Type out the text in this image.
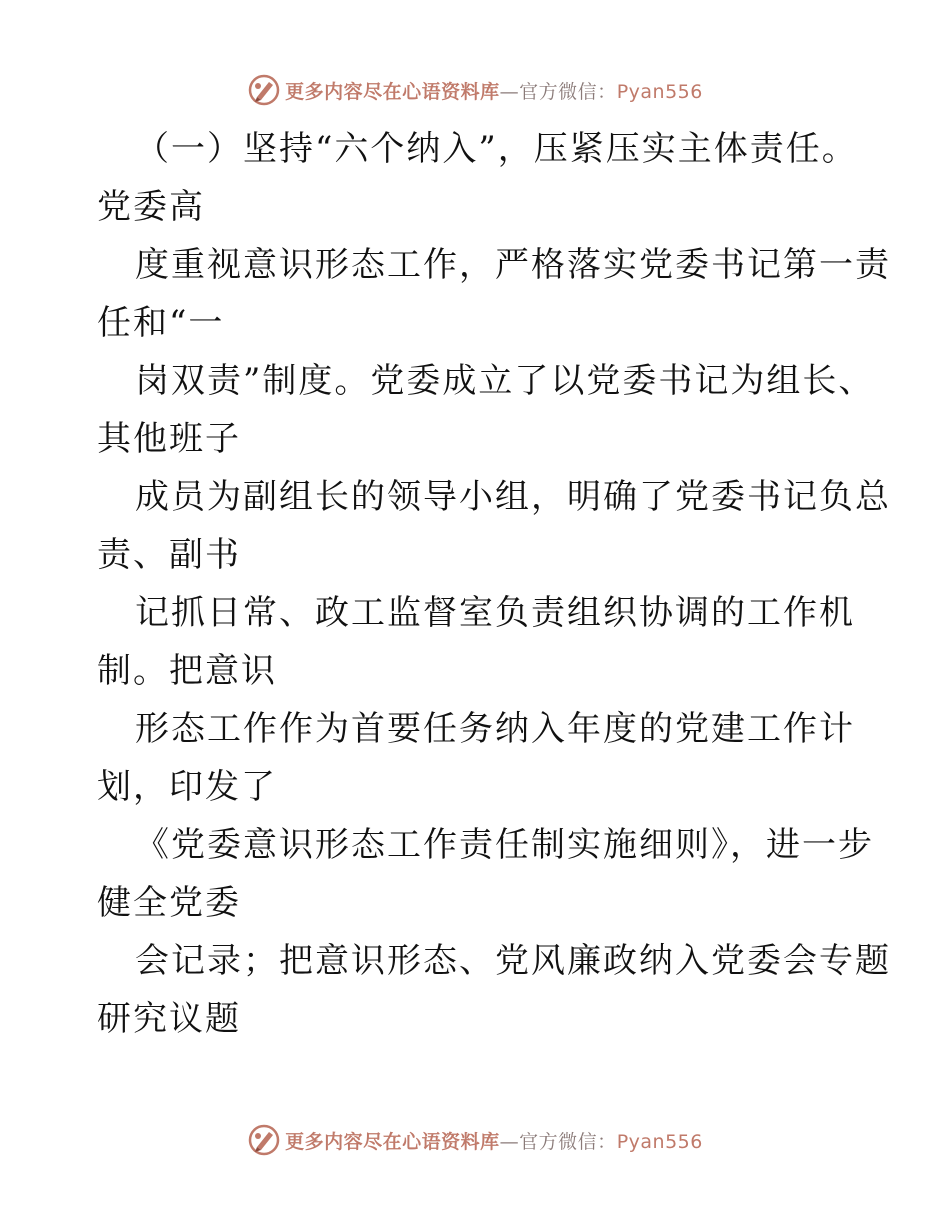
更多内容尽在心语资料库—官方微信：Pyan556
（一）坚持“六个纳入”，压紧压实主体责任。
党委高
度重视意识形态工作，严格落实党委书记第一责
任和“一
岗双责”制度。党委成立了以党委书记为组长、
其他班子
成员为副组长的领导小组，明确了党委书记负总
责、副书
记抓日常、政工监督室负责组织协调的工作机
制。把意识
形态工作作为首要任务纳入年度的党建工作计
划，印发了
《党委意识形态工作责任制实施细则》，进一步
健全党委
会记录；把意识形态、党风廉政纳入党委会专题
研究议题
更多内容尽在心语资料库—官方微信：Pyan556
